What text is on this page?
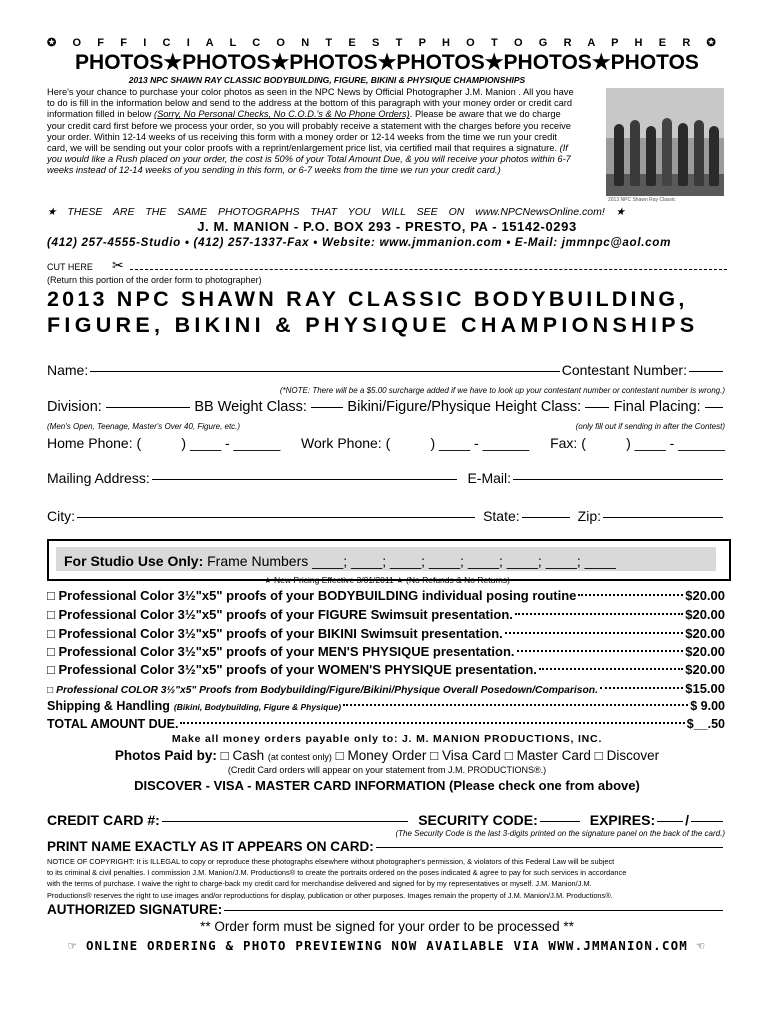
✪ O F F I C I A L C O N T E S T P H O T O G R A P H E R ✪
PHOTOS★PHOTOS★PHOTOS★PHOTOS★PHOTOS★PHOTOS
2013 NPC SHAWN RAY CLASSIC BODYBUILDING, FIGURE, BIKINI & PHYSIQUE CHAMPIONSHIPS
Here's your chance to purchase your color photos as seen in the NPC News by Official Photographer J.M. Manion . All you have
to do is fill in the information below and send to the address at the bottom of this paragraph with your money order or credit card
information filled in below (Sorry, No Personal Checks, No C.O.D.'s & No Phone Orders). Please be aware that we do charge
your credit card first before we process your order, so you will probably receive a statement with the charges before you receive
your order. Within 12-14 weeks of us receiving this form with a money order or 12-14 weeks from the time we run your credit
card, we will be sending out your color proofs with a reprint/enlargement price list, via certified mail that requires a signature. (If
you would like a Rush placed on your order, the cost is 50% of your Total Amount Due, & you will receive your photos within 6-7
weeks instead of 12-14 weeks of you sending in this form, or 6-7 weeks from the time we run your credit card.)
2013 NPC Shawn Ray Classic
★ THESE ARE THE SAME PHOTOGRAPHS THAT YOU WILL SEE ON www.NPCNewsOnline.com! ★
J. M. MANION - P.O. BOX 293 - PRESTO, PA - 15142-0293
(412) 257-4555-Studio • (412) 257-1337-Fax • Website: www.jmmanion.com • E-Mail: jmmnpc@aol.com
CUT HERE ✂
(Return this portion of the order form to photographer)
2013 NPC SHAWN RAY CLASSIC BODYBUILDING,
FIGURE, BIKINI & PHYSIQUE CHAMPIONSHIPS
Name:	Contestant Number:
(*NOTE: There will be a $5.00 surcharge added if we have to look up your contestant number or contestant number is wrong.)
Division:	BB Weight Class:	Bikini/Figure/Physique Height Class: Final Placing:
(Men's Open, Teenage, Master's Over 40, Figure, etc.)	(only fill out if sending in after the Contest)
Home Phone: ( ) ____ - ______ Work Phone: ( ) ____ - ______ Fax: ( ) ____ - ______
Mailing Address:	E-Mail:
City:	State:	Zip:
For Studio Use Only: Frame Numbers ____; ____; ____; ____; ____; ____; ____; ____
★ New Pricing Effective 3/01/2011 ★ (No Refunds & No Returns)
□ Professional Color 3½"x5" proofs of your BODYBUILDING individual posing routine	$20.00
□ Professional Color 3½"x5" proofs of your FIGURE Swimsuit presentation.	$20.00
□ Professional Color 3½"x5" proofs of your BIKINI Swimsuit presentation.	$20.00
□ Professional Color 3½"x5" proofs of your MEN'S PHYSIQUE presentation.	$20.00
□ Professional Color 3½"x5" proofs of your WOMEN'S PHYSIQUE presentation.	$20.00
□ Professional COLOR 3½"x5" Proofs from Bodybuilding/Figure/Bikini/Physique Overall Posedown/Comparison.	$15.00
Shipping & Handling (Bikini, Bodybuilding, Figure & Physique)	$ 9.00
TOTAL AMOUNT DUE.	$__.50
Make all money orders payable only to: J. M. MANION PRODUCTIONS, INC.
Photos Paid by: □ Cash (at contest only) □ Money Order □ Visa Card □ Master Card □ Discover
(Credit Card orders will appear on your statement from J.M. PRODUCTIONS®.)
DISCOVER - VISA - MASTER CARD INFORMATION (Please check one from above)
CREDIT CARD #:	SECURITY CODE:	EXPIRES: /
(The Security Code is the last 3-digits printed on the signature panel on the back of the card.)
PRINT NAME EXACTLY AS IT APPEARS ON CARD:
NOTICE OF COPYRIGHT: It is ILLEGAL to copy or reproduce these photographs elsewhere without photographer's permission, & violators of this Federal Law will be subject
to its criminal & civil penalties. I commission J.M. Manion/J.M. Productions® to create the portraits ordered on the poses indicated & agree to pay for such services in accordance
with the terms of purchase. I waive the right to charge-back my credit card for merchandise delivered and signed for by my representatives or myself. J.M. Manion/J.M.
Productions® reserves the right to use images and/or reproductions for display, publication or other purposes. Images remain the property of J.M. Manion/J.M. Productions®.
AUTHORIZED SIGNATURE:
** Order form must be signed for your order to be processed **
☞ ONLINE ORDERING & PHOTO PREVIEWING NOW AVAILABLE VIA WWW.JMMANION.COM ☜
